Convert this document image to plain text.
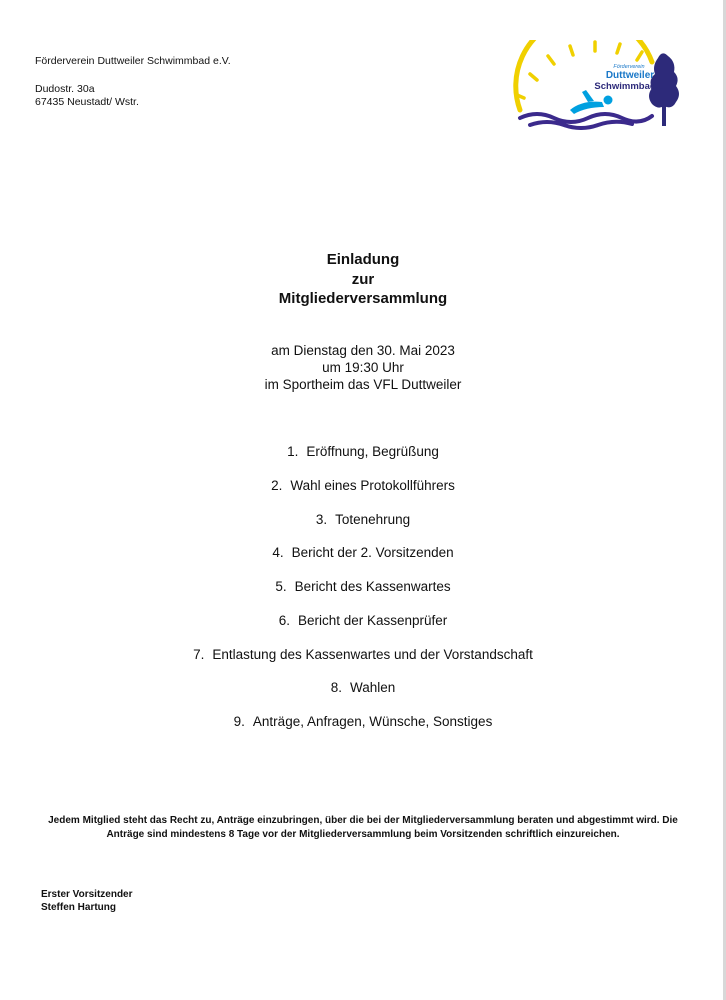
Förderverein Duttweiler Schwimmbad e.V.
Dudostr. 30a
67435 Neustadt/ Wstr.
Förderverein
Duttweiler
Schwimmbad...
Einladung
zur
Mitgliederversammlung
am Dienstag den 30. Mai 2023
um 19:30 Uhr
im Sportheim das VFL Duttweiler
1. Eröffnung, Begrüßung
2. Wahl eines Protokollführers
3. Totenehrung
4. Bericht der 2. Vorsitzenden
5. Bericht des Kassenwartes
6. Bericht der Kassenprüfer
7. Entlastung des Kassenwartes und der Vorstandschaft
8. Wahlen
9. Anträge, Anfragen, Wünsche, Sonstiges
Jedem Mitglied steht das Recht zu, Anträge einzubringen, über die bei der Mitgliederversammlung beraten und abgestimmt wird. Die Anträge sind mindestens 8 Tage vor der Mitgliederversammlung beim Vorsitzenden schriftlich einzureichen.
Erster Vorsitzender
Steffen Hartung
